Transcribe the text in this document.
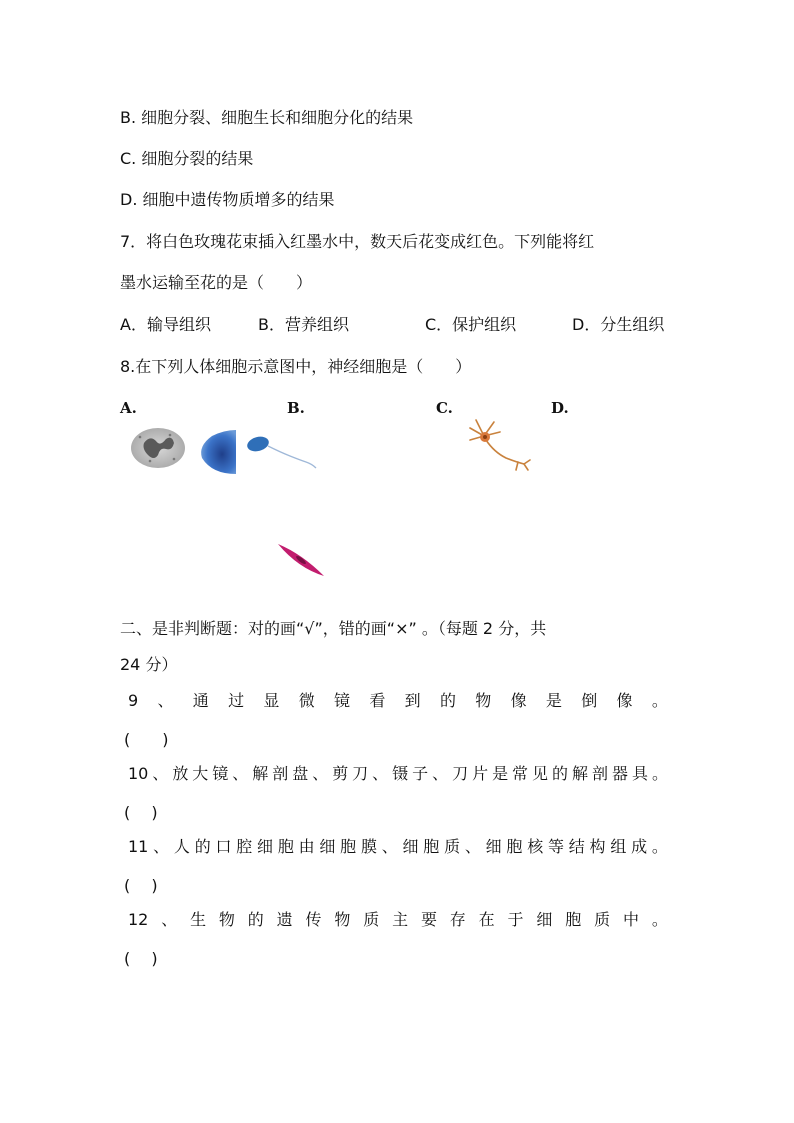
B. 细胞分裂、细胞生长和细胞分化的结果
C. 细胞分裂的结果
D. 细胞中遗传物质增多的结果
7．将白色玫瑰花束插入红墨水中，数天后花变成红色。下列能将红
墨水运输至花的是（　　）
A．输导组织	B．营养组织	C．保护组织	D．分生组织
8.在下列人体细胞示意图中，神经细胞是（　　）
A.	B.	C.	D.
二、是非判断题：对的画“√”，错的画“×” 。（每题 2 分，共
24 分）
9 、 通 过 显 微 镜 看 到 的 物 像 是 倒 像 。
(　　)
10 、 放 大 镜 、 解 剖 盘 、 剪 刀 、 镊 子 、 刀 片 是 常 见 的 解 剖 器 具 。
(　 )
11 、 人 的 口 腔 细 胞 由 细 胞 膜 、 细 胞 质 、 细 胞 核 等 结 构 组 成 。
(　 )
12 、 生 物 的 遗 传 物 质 主 要 存 在 于 细 胞 质 中 。
(　 )
